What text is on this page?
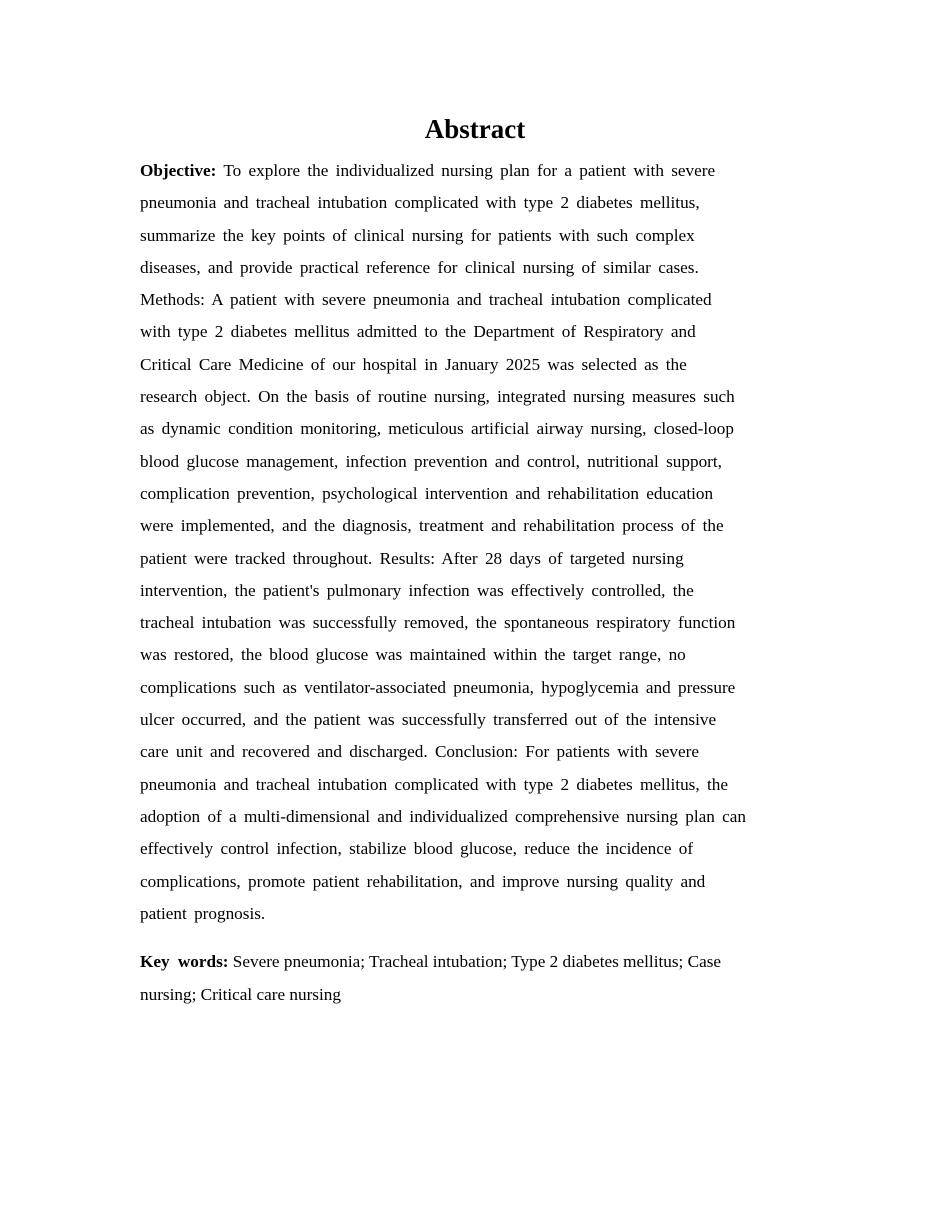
Abstract
Objective: To explore the individualized nursing plan for a patient with severe
pneumonia and tracheal intubation complicated with type 2 diabetes mellitus,
summarize the key points of clinical nursing for patients with such complex
diseases, and provide practical reference for clinical nursing of similar cases.
Methods: A patient with severe pneumonia and tracheal intubation complicated
with type 2 diabetes mellitus admitted to the Department of Respiratory and
Critical Care Medicine of our hospital in January 2025 was selected as the
research object. On the basis of routine nursing, integrated nursing measures such
as dynamic condition monitoring, meticulous artificial airway nursing, closed-loop
blood glucose management, infection prevention and control, nutritional support,
complication prevention, psychological intervention and rehabilitation education
were implemented, and the diagnosis, treatment and rehabilitation process of the
patient were tracked throughout. Results: After 28 days of targeted nursing
intervention, the patient's pulmonary infection was effectively controlled, the
tracheal intubation was successfully removed, the spontaneous respiratory function
was restored, the blood glucose was maintained within the target range, no
complications such as ventilator-associated pneumonia, hypoglycemia and pressure
ulcer occurred, and the patient was successfully transferred out of the intensive
care unit and recovered and discharged. Conclusion: For patients with severe
pneumonia and tracheal intubation complicated with type 2 diabetes mellitus, the
adoption of a multi-dimensional and individualized comprehensive nursing plan can
effectively control infection, stabilize blood glucose, reduce the incidence of
complications, promote patient rehabilitation, and improve nursing quality and
patient prognosis.
Key words: Severe pneumonia; Tracheal intubation; Type 2 diabetes mellitus; Case
nursing; Critical care nursing
